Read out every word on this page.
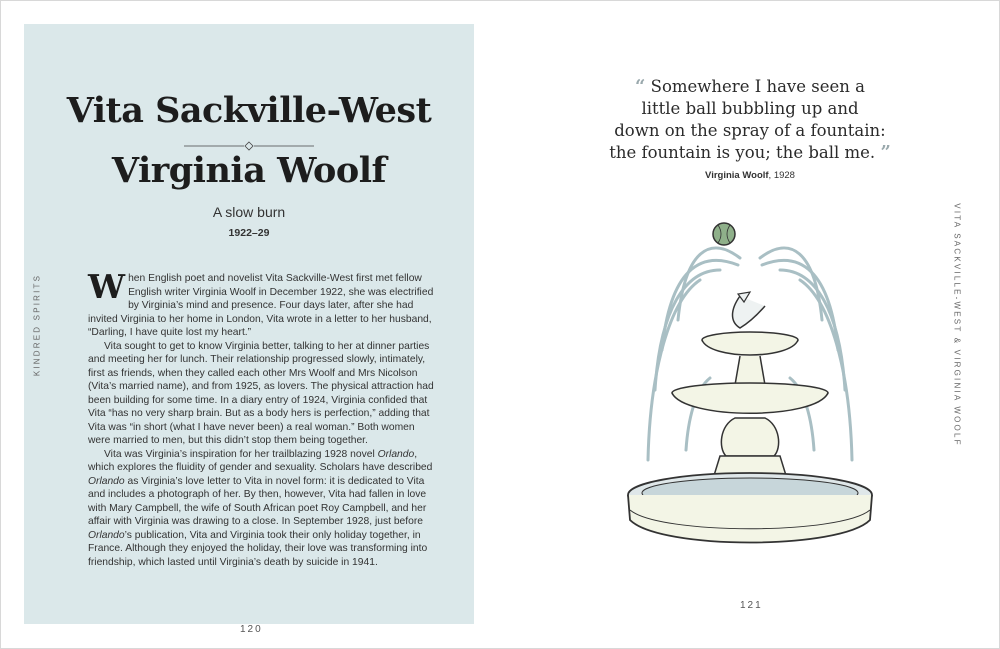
Vita Sackville-West
Virginia Woolf
A slow burn
1922–29

When English poet and novelist Vita Sackville-West first met fellow English writer Virginia Woolf in December 1922, she was electrified by Virginia’s mind and presence. Four days later, after she had invited Virginia to her home in London, Vita wrote in a letter to her husband, “Darling, I have quite lost my heart.”

Vita sought to get to know Virginia better, talking to her at dinner parties and meeting her for lunch. Their relationship progressed slowly, intimately, first as friends, when they called each other Mrs Woolf and Mrs Nicolson (Vita’s married name), and from 1925, as lovers. The physical attraction had been building for some time. In a diary entry of 1924, Virginia confided that Vita “has no very sharp brain. But as a body hers is perfection,” adding that Vita was “in short (what I have never been) a real woman.” Both women were married to men, but this didn’t stop them being together.

Vita was Virginia’s inspiration for her trailblazing 1928 novel Orlando, which explores the fluidity of gender and sexuality. Scholars have described Orlando as Virginia’s love letter to Vita in novel form: it is dedicated to Vita and includes a photograph of her. By then, however, Vita had fallen in love with Mary Campbell, the wife of South African poet Roy Campbell, and her affair with Virginia was drawing to a close. In September 1928, just before Orlando’s publication, Vita and Virginia took their only holiday together, in France. Although they enjoyed the holiday, their love was transforming into friendship, which lasted until Virginia’s death by suicide in 1941.

120
KINDRED SPIRITS	VITA SACKVILLE-WEST & VIRGINIA WOOLF
“ Somewhere I have seen a
little ball bubbling up and
down on the spray of a fountain:
the fountain is you; the ball me. ”
Virginia Woolf, 1928
121
